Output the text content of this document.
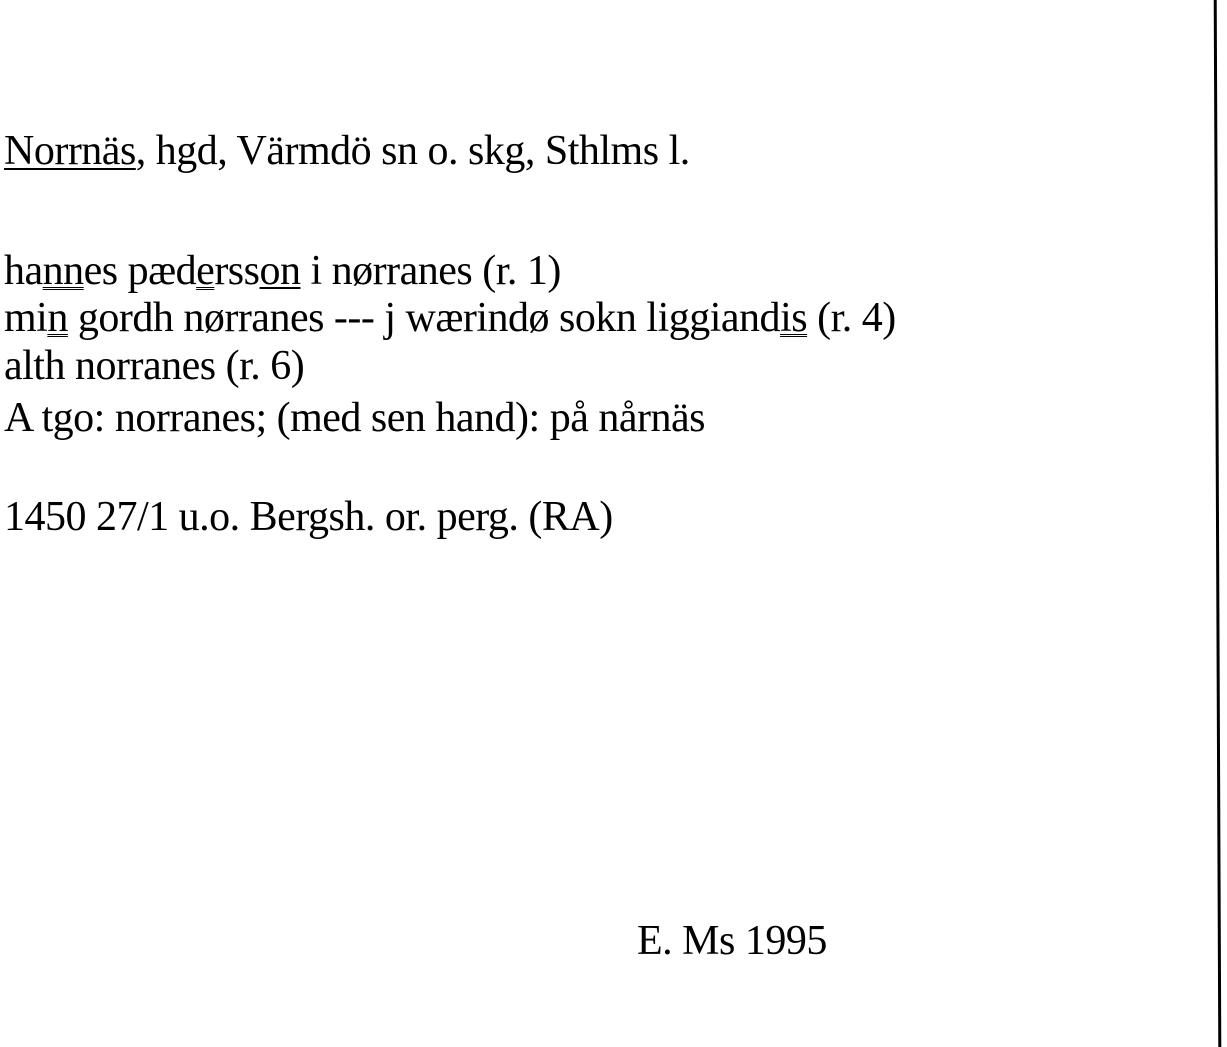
Norrnäs, hgd, Värmdö sn o. skg, Sthlms l.
hannes pædersson i nørranes (r. 1)
min gordh nørranes --- j wærindø sokn liggiandis (r. 4)
alth norranes (r. 6)
A tgo: norranes; (med sen hand): på nårnäs
1450 27/1 u.o. Bergsh. or. perg. (RA)
E. Ms 1995
